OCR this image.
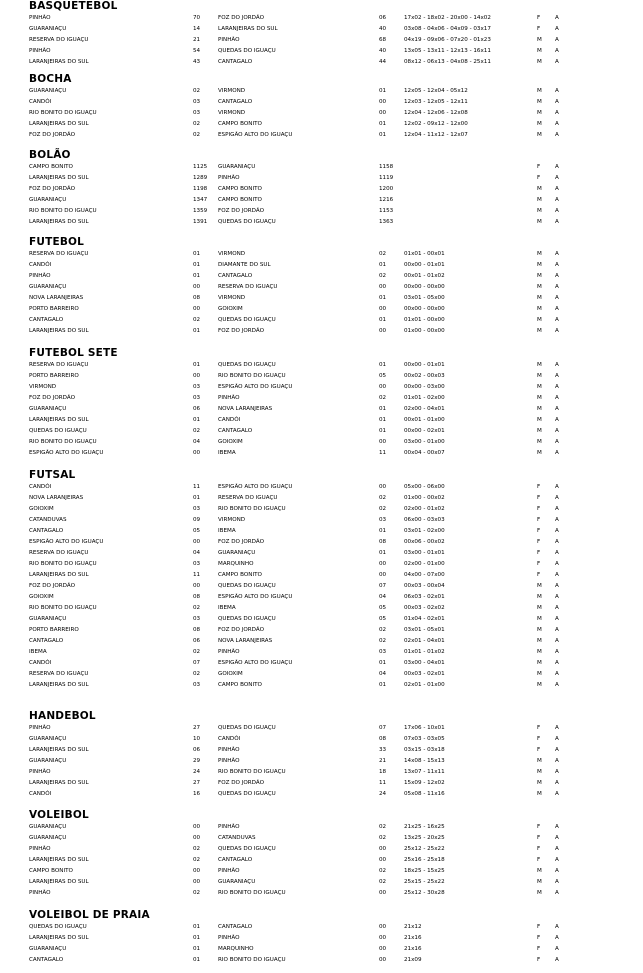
BASQUETEBOL
PINHÃO	70	FOZ DO JORDÃO	06	17x02 - 18x02 - 20x00 - 14x02	F	A
GUARANIAÇU	14	LARANJEIRAS DO SUL	40	03x08 - 04x06 - 04x09 - 03x17	F	A
RESERVA DO IGUAÇU	21	PINHÃO	68	04x19 - 09x06 - 07x20 - 01x23	M	A
PINHÃO	54	QUEDAS DO IGUAÇU	40	13x05 - 13x11 - 12x13 - 16x11	M	A
LARANJEIRAS DO SUL	43	CANTAGALO	44	08x12 - 06x13 - 04x08 - 25x11	M	A
BOCHA
GUARANIAÇU	02	VIRMOND	01	12x05 - 12x04 - 05x12	M	A
CANDÓI	03	CANTAGALO	00	12x03 - 12x05 - 12x11	M	A
RIO BONITO DO IGUAÇU	03	VIRMOND	00	12x04 - 12x06 - 12x08	M	A
LARANJEIRAS DO SUL	02	CAMPO BONITO	01	12x02 - 09x12 - 12x00	M	A
FOZ DO JORDÃO	02	ESPIGÃO ALTO DO IGUAÇU	01	12x04 - 11x12 - 12x07	M	A
BOLÃO
CAMPO BONITO	1125	GUARANIAÇU	1158	F	A
LARANJEIRAS DO SUL	1289	PINHÃO	1119	F	A
FOZ DO JORDÃO	1198	CAMPO BONITO	1200	M	A
GUARANIAÇU	1347	CAMPO BONITO	1216	M	A
RIO BONITO DO IGUAÇU	1359	FOZ DO JORDÃO	1153	M	A
LARANJEIRAS DO SUL	1391	QUEDAS DO IGUAÇU	1363	M	A
FUTEBOL
RESERVA DO IGUAÇU	01	VIRMOND	02	01x01 - 00x01	M	A
CANDÓI	01	DIAMANTE DO SUL	01	00x00 - 01x01	M	A
PINHÃO	01	CANTAGALO	02	00x01 - 01x02	M	A
GUARANIAÇU	00	RESERVA DO IGUAÇU	00	00x00 - 00x00	M	A
NOVA LARANJEIRAS	08	VIRMOND	01	03x01 - 05x00	M	A
PORTO BARREIRO	00	GOIOXIM	00	00x00 - 00x00	M	A
CANTAGALO	02	QUEDAS DO IGUAÇU	01	01x01 - 00x00	M	A
LARANJEIRAS DO SUL	01	FOZ DO JORDÃO	00	01x00 - 00x00	M	A
FUTEBOL SETE
RESERVA DO IGUAÇU	01	QUEDAS DO IGUAÇU	01	00x00 - 01x01	M	A
PORTO BARREIRO	00	RIO BONITO DO IGUAÇU	05	00x02 - 00x03	M	A
VIRMOND	03	ESPIGÃO ALTO DO IGUAÇU	00	00x00 - 03x00	M	A
FOZ DO JORDÃO	03	PINHÃO	02	01x01 - 02x00	M	A
GUARANIAÇU	06	NOVA LARANJEIRAS	01	02x00 - 04x01	M	A
LARANJEIRAS DO SUL	01	CANDÓI	01	00x01 - 01x00	M	A
QUEDAS DO IGUAÇU	02	CANTAGALO	01	00x00 - 02x01	M	A
RIO BONITO DO IGUAÇU	04	GOIOXIM	00	03x00 - 01x00	M	A
ESPIGÃO ALTO DO IGUAÇU	00	IBEMA	11	00x04 - 00x07	M	A
FUTSAL
CANDÓI	11	ESPIGÃO ALTO DO IGUAÇU	00	05x00 - 06x00	F	A
NOVA LARANJEIRAS	01	RESERVA DO IGUAÇU	02	01x00 - 00x02	F	A
GOIOXIM	03	RIO BONITO DO IGUAÇU	02	02x00 - 01x02	F	A
CATANDUVAS	09	VIRMOND	03	06x00 - 03x03	F	A
CANTAGALO	05	IBEMA	01	03x01 - 02x00	F	A
ESPIGÃO ALTO DO IGUAÇU	00	FOZ DO JORDÃO	08	00x06 - 00x02	F	A
RESERVA DO IGUAÇU	04	GUARANIAÇU	01	03x00 - 01x01	F	A
RIO BONITO DO IGUAÇU	03	MARQUINHO	00	02x00 - 01x00	F	A
LARANJEIRAS DO SUL	11	CAMPO BONITO	00	04x00 - 07x00	F	A
FOZ DO JORDÃO	00	QUEDAS DO IGUAÇU	07	00x03 - 00x04	M	A
GOIOXIM	08	ESPIGÃO ALTO DO IGUAÇU	04	06x03 - 02x01	M	A
RIO BONITO DO IGUAÇU	02	IBEMA	05	00x03 - 02x02	M	A
GUARANIAÇU	03	QUEDAS DO IGUAÇU	05	01x04 - 02x01	M	A
PORTO BARREIRO	08	FOZ DO JORDÃO	02	03x01 - 05x01	M	A
CANTAGALO	06	NOVA LARANJEIRAS	02	02x01 - 04x01	M	A
IBEMA	02	PINHÃO	03	01x01 - 01x02	M	A
CANDÓI	07	ESPIGÃO ALTO DO IGUAÇU	01	03x00 - 04x01	M	A
RESERVA DO IGUAÇU	02	GOIOXIM	04	00x03 - 02x01	M	A
LARANJEIRAS DO SUL	03	CAMPO BONITO	01	02x01 - 01x00	M	A
HANDEBOL
PINHÃO	27	QUEDAS DO IGUAÇU	07	17x06 - 10x01	F	A
GUARANIAÇU	10	CANDÓI	08	07x03 - 03x05	F	A
LARANJEIRAS DO SUL	06	PINHÃO	33	03x15 - 03x18	F	A
GUARANIAÇU	29	PINHÃO	21	14x08 - 15x13	M	A
PINHÃO	24	RIO BONITO DO IGUAÇU	18	13x07 - 11x11	M	A
LARANJEIRAS DO SUL	27	FOZ DO JORDÃO	11	15x09 - 12x02	M	A
CANDÓI	16	QUEDAS DO IGUAÇU	24	05x08 - 11x16	M	A
VOLEIBOL
GUARANIAÇU	00	PINHÃO	02	21x25 - 16x25	F	A
GUARANIAÇU	00	CATANDUVAS	02	13x25 - 20x25	F	A
PINHÃO	02	QUEDAS DO IGUAÇU	00	25x12 - 25x22	F	A
LARANJEIRAS DO SUL	02	CANTAGALO	00	25x16 - 25x18	F	A
CAMPO BONITO	00	PINHÃO	02	18x25 - 15x25	M	A
LARANJEIRAS DO SUL	00	GUARANIAÇU	02	25x15 - 25x22	M	A
PINHÃO	02	RIO BONITO DO IGUAÇU	00	25x12 - 30x28	M	A
VOLEIBOL DE PRAIA
QUEDAS DO IGUAÇU	01	CANTAGALO	00	21x12	F	A
LARANJEIRAS DO SUL	01	PINHÃO	00	21x16	F	A
GUARANIAÇU	01	MARQUINHO	00	21x16	F	A
CANTAGALO	01	RIO BONITO DO IGUAÇU	00	21x09	F	A
